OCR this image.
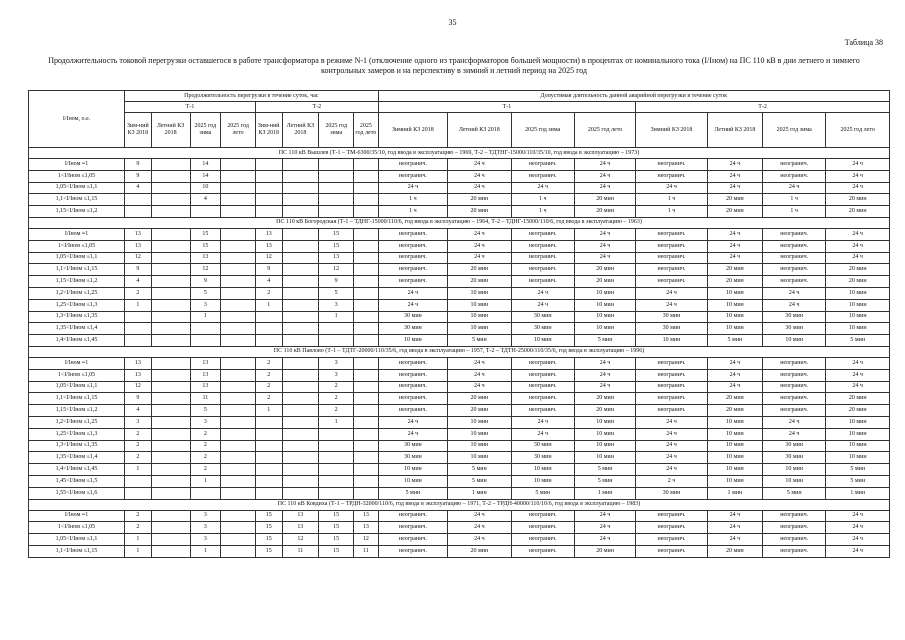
35
Таблица 38
Продолжительность токовой перегрузки оставшегося в работе трансформатора в режиме N-1 (отключение одного из трансформаторов большей мощности) в процентах от номинального тока (I/Iном) на ПС 110 кВ в дни летнего и зимнего контрольных замеров и на перспективу в зимний и летний период на 2025 год
I/Iном, о.е.	Продолжительность перегрузки в течение суток, час								Допустимая длительность данной аварийной перегрузки в течение суток							
	Т-1				Т-2				Т-1				Т-2			
	Зим-ний КЗ 2018	Летний КЗ 2018	2025 год зима	2025 год лето	Зим-ний КЗ 2018	Летний КЗ 2018	2025 год зима	2025 год лето	Зимний КЗ 2018	Летний КЗ 2018	2025 год зима	2025 год лето	Зимний КЗ 2018	Летний КЗ 2018	2025 год зима	2025 год лето
ПС 110 кВ Вышлев (Т-1 – ТМ-6300/35/10, год ввода в эксплуатацию – 1969, Т-2 – ТДТНГ-15000/110/35/10, год ввода в эксплуатацию – 1973)																
I/Iном ≡1	9		14						неогранич.	24 ч	неогранич.	24 ч	неогранич.	24 ч	неогранич.	24 ч
1<I/Iном ≤1,05	9		14						неогранич.	24 ч	неогранич.	24 ч	неогранич.	24 ч	неогранич.	24 ч
1,05<I/Iном ≤1,1	4		10						24 ч	24 ч	24 ч	24 ч	24 ч	24 ч	24 ч	24 ч
1,1<I/Iном ≤1,15			4						1 ч	20 мин	1 ч	20 мин	1 ч	20 мин	1 ч	20 мин
1,15<I/Iном ≤1,2									1 ч	20 мин	1 ч	20 мин	1 ч	20 мин	1 ч	20 мин
ПС 110 кВ Богородская (Т-1 – ТДНГ-15000/110/6, год ввода в эксплуатацию – 1964, Т-2 – ТДНГ-15000/110/6, год ввода в эксплуатацию – 1963)																
I/Iном ≡1	13		15		13		15		неогранич.	24 ч	неогранич.	24 ч	неогранич.	24 ч	неогранич.	24 ч
1<I/Iном ≤1,05	13		15		13		15		неогранич.	24 ч	неогранич.	24 ч	неогранич.	24 ч	неогранич.	24 ч
1,05<I/Iном ≤1,1	12		13		12		13		неогранич.	24 ч	неогранич.	24 ч	неогранич.	24 ч	неогранич.	24 ч
1,1<I/Iном ≤1,15	9		12		9		12		неогранич.	20 мин	неогранич.	20 мин	неогранич.	20 мин	неогранич.	20 мин
1,15<I/Iном ≤1,2	4		9		4		9		неогранич.	20 мин	неогранич.	20 мин	неогранич.	20 мин	неогранич.	20 мин
1,2<I/Iном ≤1,25	2		5		2		5		24 ч	10 мин	24 ч	10 мин	24 ч	10 мин	24 ч	10 мин
1,25<I/Iном ≤1,3	1		3		1		3		24 ч	10 мин	24 ч	10 мин	24 ч	10 мин	24 ч	10 мин
1,3<I/Iном ≤1,35			1				1		30 мин	10 мин	30 мин	10 мин	30 мин	10 мин	30 мин	10 мин
1,35<I/Iном ≤1,4									30 мин	10 мин	30 мин	10 мин	30 мин	10 мин	30 мин	10 мин
1,4<I/Iном ≤1,45									10 мин	5 мин	10 мин	5 мин	10 мин	5 мин	10 мин	5 мин
ПС 110 кВ Павлово (Т-1 – ТДТГ-20000/110/35/6, год ввода в эксплуатацию – 1957, Т-2 – ТДТН-25000/110/35/6, год ввода в эксплуатацию – 1996)																
I/Iном ≡1	13		13		2		3		неогранич.	24 ч	неогранич.	24 ч	неогранич.	24 ч	неогранич.	24 ч
1<I/Iном ≤1,05	13		13		2		3		неогранич.	24 ч	неогранич.	24 ч	неогранич.	24 ч	неогранич.	24 ч
1,05<I/Iном ≤1,1	12		13		2		2		неогранич.	24 ч	неогранич.	24 ч	неогранич.	24 ч	неогранич.	24 ч
1,1<I/Iном ≤1,15	9		11		2		2		неогранич.	20 мин	неогранич.	20 мин	неогранич.	20 мин	неогранич.	20 мин
1,15<I/Iном ≤1,2	4		5		1		2		неогранич.	20 мин	неогранич.	20 мин	неогранич.	20 мин	неогранич.	20 мин
1,2<I/Iном ≤1,25	3		3				1		24 ч	10 мин	24 ч	10 мин	24 ч	10 мин	24 ч	10 мин
1,25<I/Iном ≤1,3	2		2						24 ч	10 мин	24 ч	10 мин	24 ч	10 мин	24 ч	10 мин
1,3<I/Iном ≤1,35	2		2						30 мин	10 мин	30 мин	10 мин	24 ч	10 мин	30 мин	10 мин
1,35<I/Iном ≤1,4	2		2						30 мин	10 мин	30 мин	10 мин	24 ч	10 мин	30 мин	10 мин
1,4<I/Iном ≤1,45	1		2						10 мин	5 мин	10 мин	5 мин	24 ч	10 мин	10 мин	5 мин
1,45<I/Iном ≤1,5			1						10 мин	5 мин	10 мин	5 мин	2 ч	10 мин	10 мин	5 мин
1,55<I/Iном ≤1,6									5 мин	1 мин	5 мин	1 мин	30 мин	1 мин	5 мин	1 мин
ПС 110 кВ Ковдиха (Т-1 – ТРДН-32000/110/6, год ввода в эксплуатацию – 1971, Т-2 – ТРДН-40000/110/10/6, год ввода в эксплуатацию – 1983)																
I/Iном ≡1	2		3		15	13	15	13	неогранич.	24 ч	неогранич.	24 ч	неогранич.	24 ч	неогранич.	24 ч
1<I/Iном ≤1,05	2		3		15	13	15	13	неогранич.	24 ч	неогранич.	24 ч	неогранич.	24 ч	неогранич.	24 ч
1,05<I/Iном ≤1,1	1		3		15	12	15	12	неогранич.	24 ч	неогранич.	24 ч	неогранич.	24 ч	неогранич.	24 ч
1,1<I/Iном ≤1,15	1		1		15	11	15	11	неогранич.	20 мин	неогранич.	20 мин	неогранич.	20 мин	неогранич.	24 ч
